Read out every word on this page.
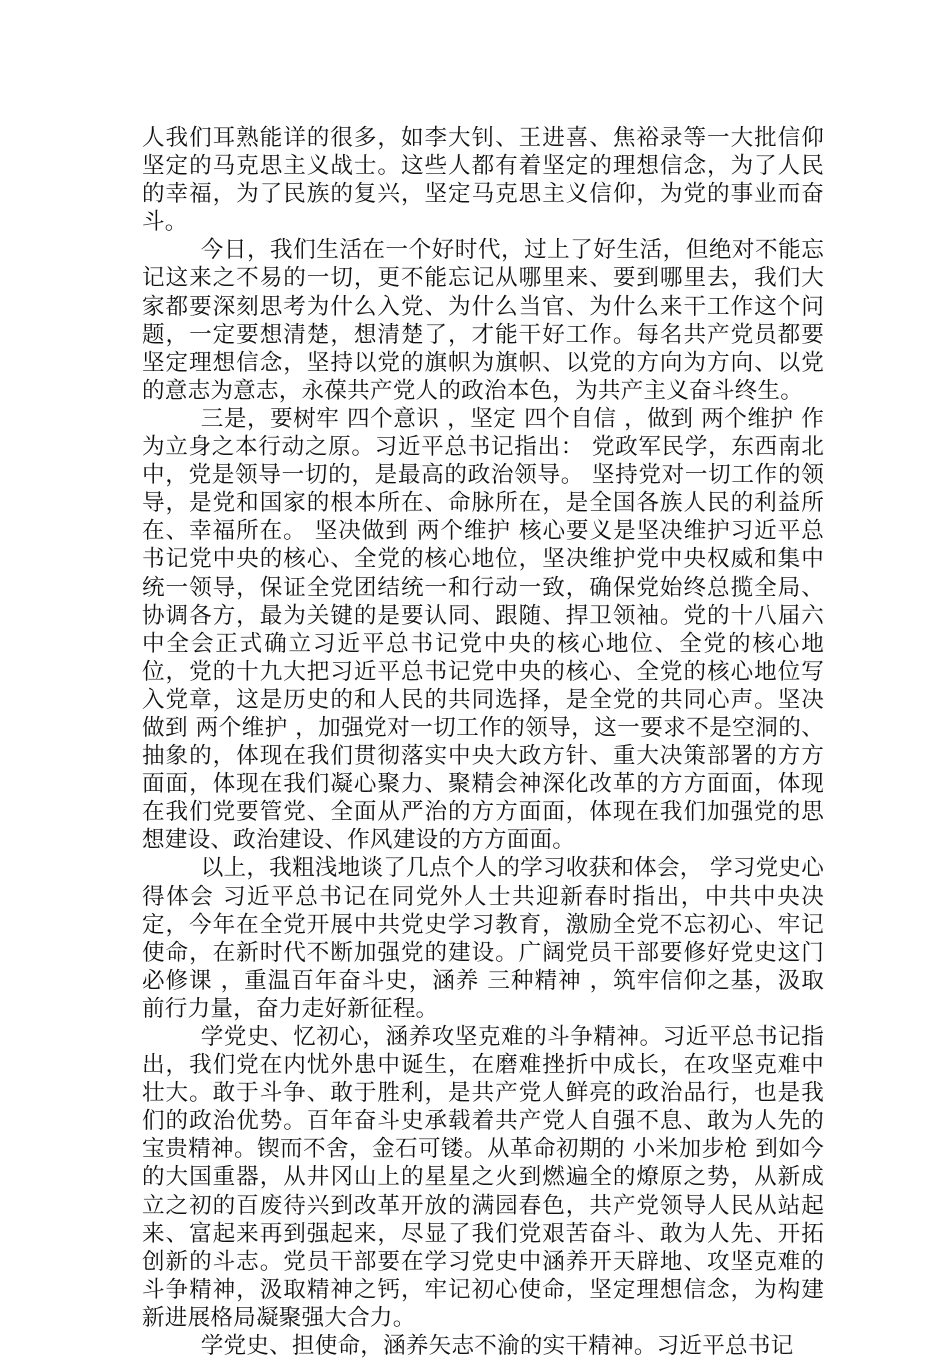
人我们耳熟能详的很多，如李大钊、王进喜、焦裕录等一大批信仰坚定的马克思主义战士。这些人都有着坚定的理想信念，为了人民的幸福，为了民族的复兴，坚定马克思主义信仰，为党的事业而奋斗。

今日，我们生活在一个好时代，过上了好生活，但绝对不能忘记这来之不易的一切，更不能忘记从哪里来、要到哪里去，我们大家都要深刻思考为什么入党、为什么当官、为什么来干工作这个问题，一定要想清楚，想清楚了，才能干好工作。每名共产党员都要坚定理想信念，坚持以党的旗帜为旗帜、以党的方向为方向、以党的意志为意志，永葆共产党人的政治本色，为共产主义奋斗终生。

三是，要树牢 四个意识 ，坚定 四个自信 ，做到 两个维护 作为立身之本行动之原。习近平总书记指出： 党政军民学，东西南北中，党是领导一切的，是最高的政治领导。 坚持党对一切工作的领导，是党和国家的根本所在、命脉所在，是全国各族人民的利益所在、幸福所在。 坚决做到 两个维护 核心要义是坚决维护习近平总书记党中央的核心、全党的核心地位，坚决维护党中央权威和集中统一领导，保证全党团结统一和行动一致，确保党始终总揽全局、协调各方，最为关键的是要认同、跟随、捍卫领袖。党的十八届六中全会正式确立习近平总书记党中央的核心地位、全党的核心地位，党的十九大把习近平总书记党中央的核心、全党的核心地位写入党章，这是历史的和人民的共同选择，是全党的共同心声。坚决做到 两个维护 ，加强党对一切工作的领导，这一要求不是空洞的、抽象的，体现在我们贯彻落实中央大政方针、重大决策部署的方方面面，体现在我们凝心聚力、聚精会神深化改革的方方面面，体现在我们党要管党、全面从严治的方方面面，体现在我们加强党的思想建设、政治建设、作风建设的方方面面。

以上，我粗浅地谈了几点个人的学习收获和体会， 学习党史心得体会 习近平总书记在同党外人士共迎新春时指出，中共中央决定，今年在全党开展中共党史学习教育，激励全党不忘初心、牢记使命，在新时代不断加强党的建设。广阔党员干部要修好党史这门 必修课 ，重温百年奋斗史，涵养 三种精神 ，筑牢信仰之基，汲取前行力量，奋力走好新征程。

学党史、忆初心，涵养攻坚克难的斗争精神。习近平总书记指出，我们党在内忧外患中诞生，在磨难挫折中成长，在攻坚克难中壮大。敢于斗争、敢于胜利，是共产党人鲜亮的政治品行，也是我们的政治优势。百年奋斗史承载着共产党人自强不息、敢为人先的宝贵精神。锲而不舍，金石可镂。从革命初期的 小米加步枪 到如今的大国重器，从井冈山上的星星之火到燃遍全的燎原之势，从新成立之初的百废待兴到改革开放的满园春色，共产党领导人民从站起来、富起来再到强起来，尽显了我们党艰苦奋斗、敢为人先、开拓创新的斗志。党员干部要在学习党史中涵养开天辟地、攻坚克难的斗争精神，汲取精神之钙，牢记初心使命，坚定理想信念，为构建新进展格局凝聚强大合力。

学党史、担使命，涵养矢志不渝的实干精神。习近平总书记
